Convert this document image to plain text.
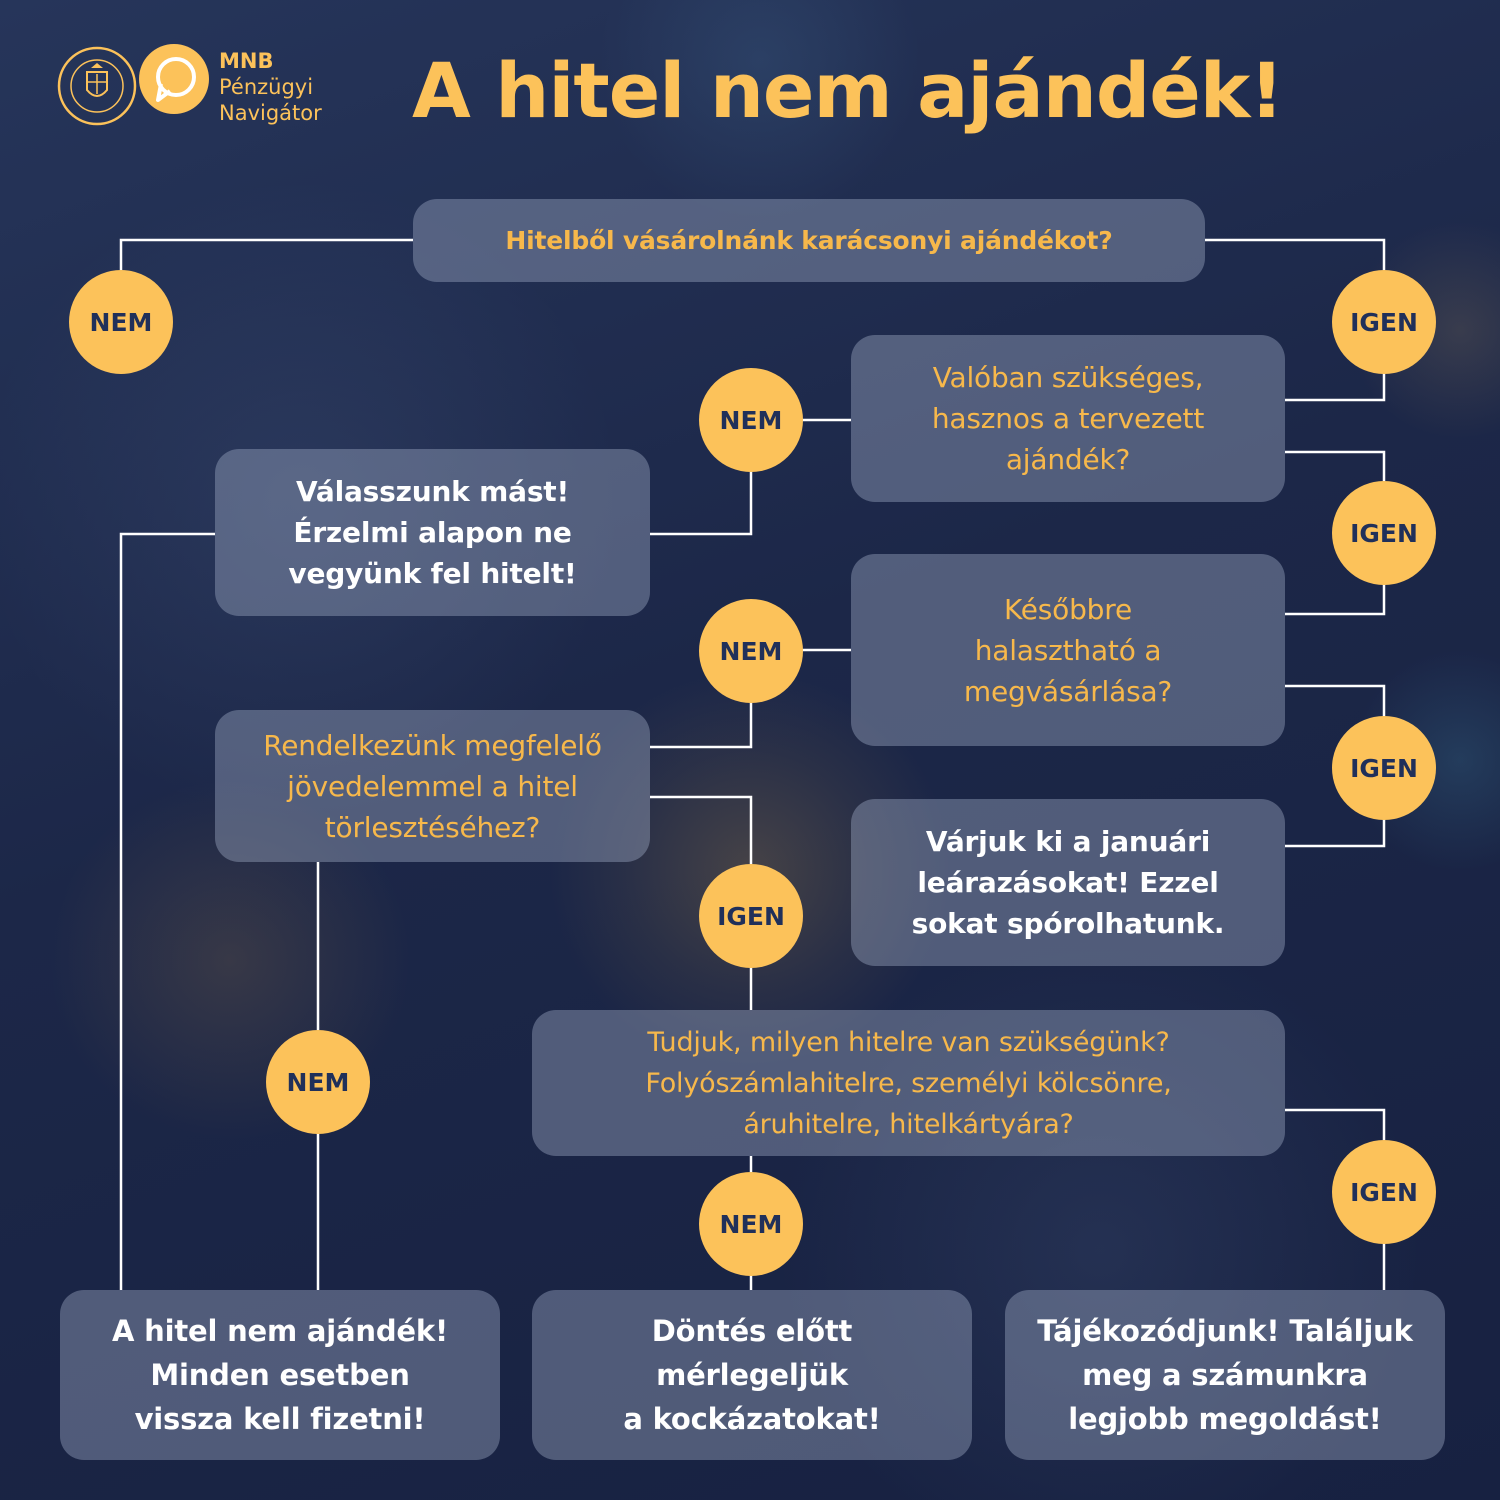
MNB
Pénzügyi
Navigátor A hitel nem ajándék!
Hitelből vásárolnánk karácsonyi ajándékot?
Valóban szükséges,
hasznos a tervezett
ajándék?
Válasszunk mást!
Érzelmi alapon ne
vegyünk fel hitelt!
Későbbre
halasztható a
megvásárlása?
Rendelkezünk megfelelő
jövedelemmel a hitel
törlesztéséhez?	Várjuk ki a januári
leárazásokat! Ezzel
sokat spórolhatunk.
Tudjuk, milyen hitelre van szükségünk?
Folyószámlahitelre, személyi kölcsönre,
áruhitelre, hitelkártyára?
A hitel nem ajándék!
Minden esetben
vissza kell fizetni!
Döntés előtt
mérlegeljük
a kockázatokat!
Tájékozódjunk! Találjuk
meg a számunkra
legjobb megoldást!
NEM	IGEN
NEM
IGEN
NEM
IGEN
IGEN
NEM
NEM
IGEN
